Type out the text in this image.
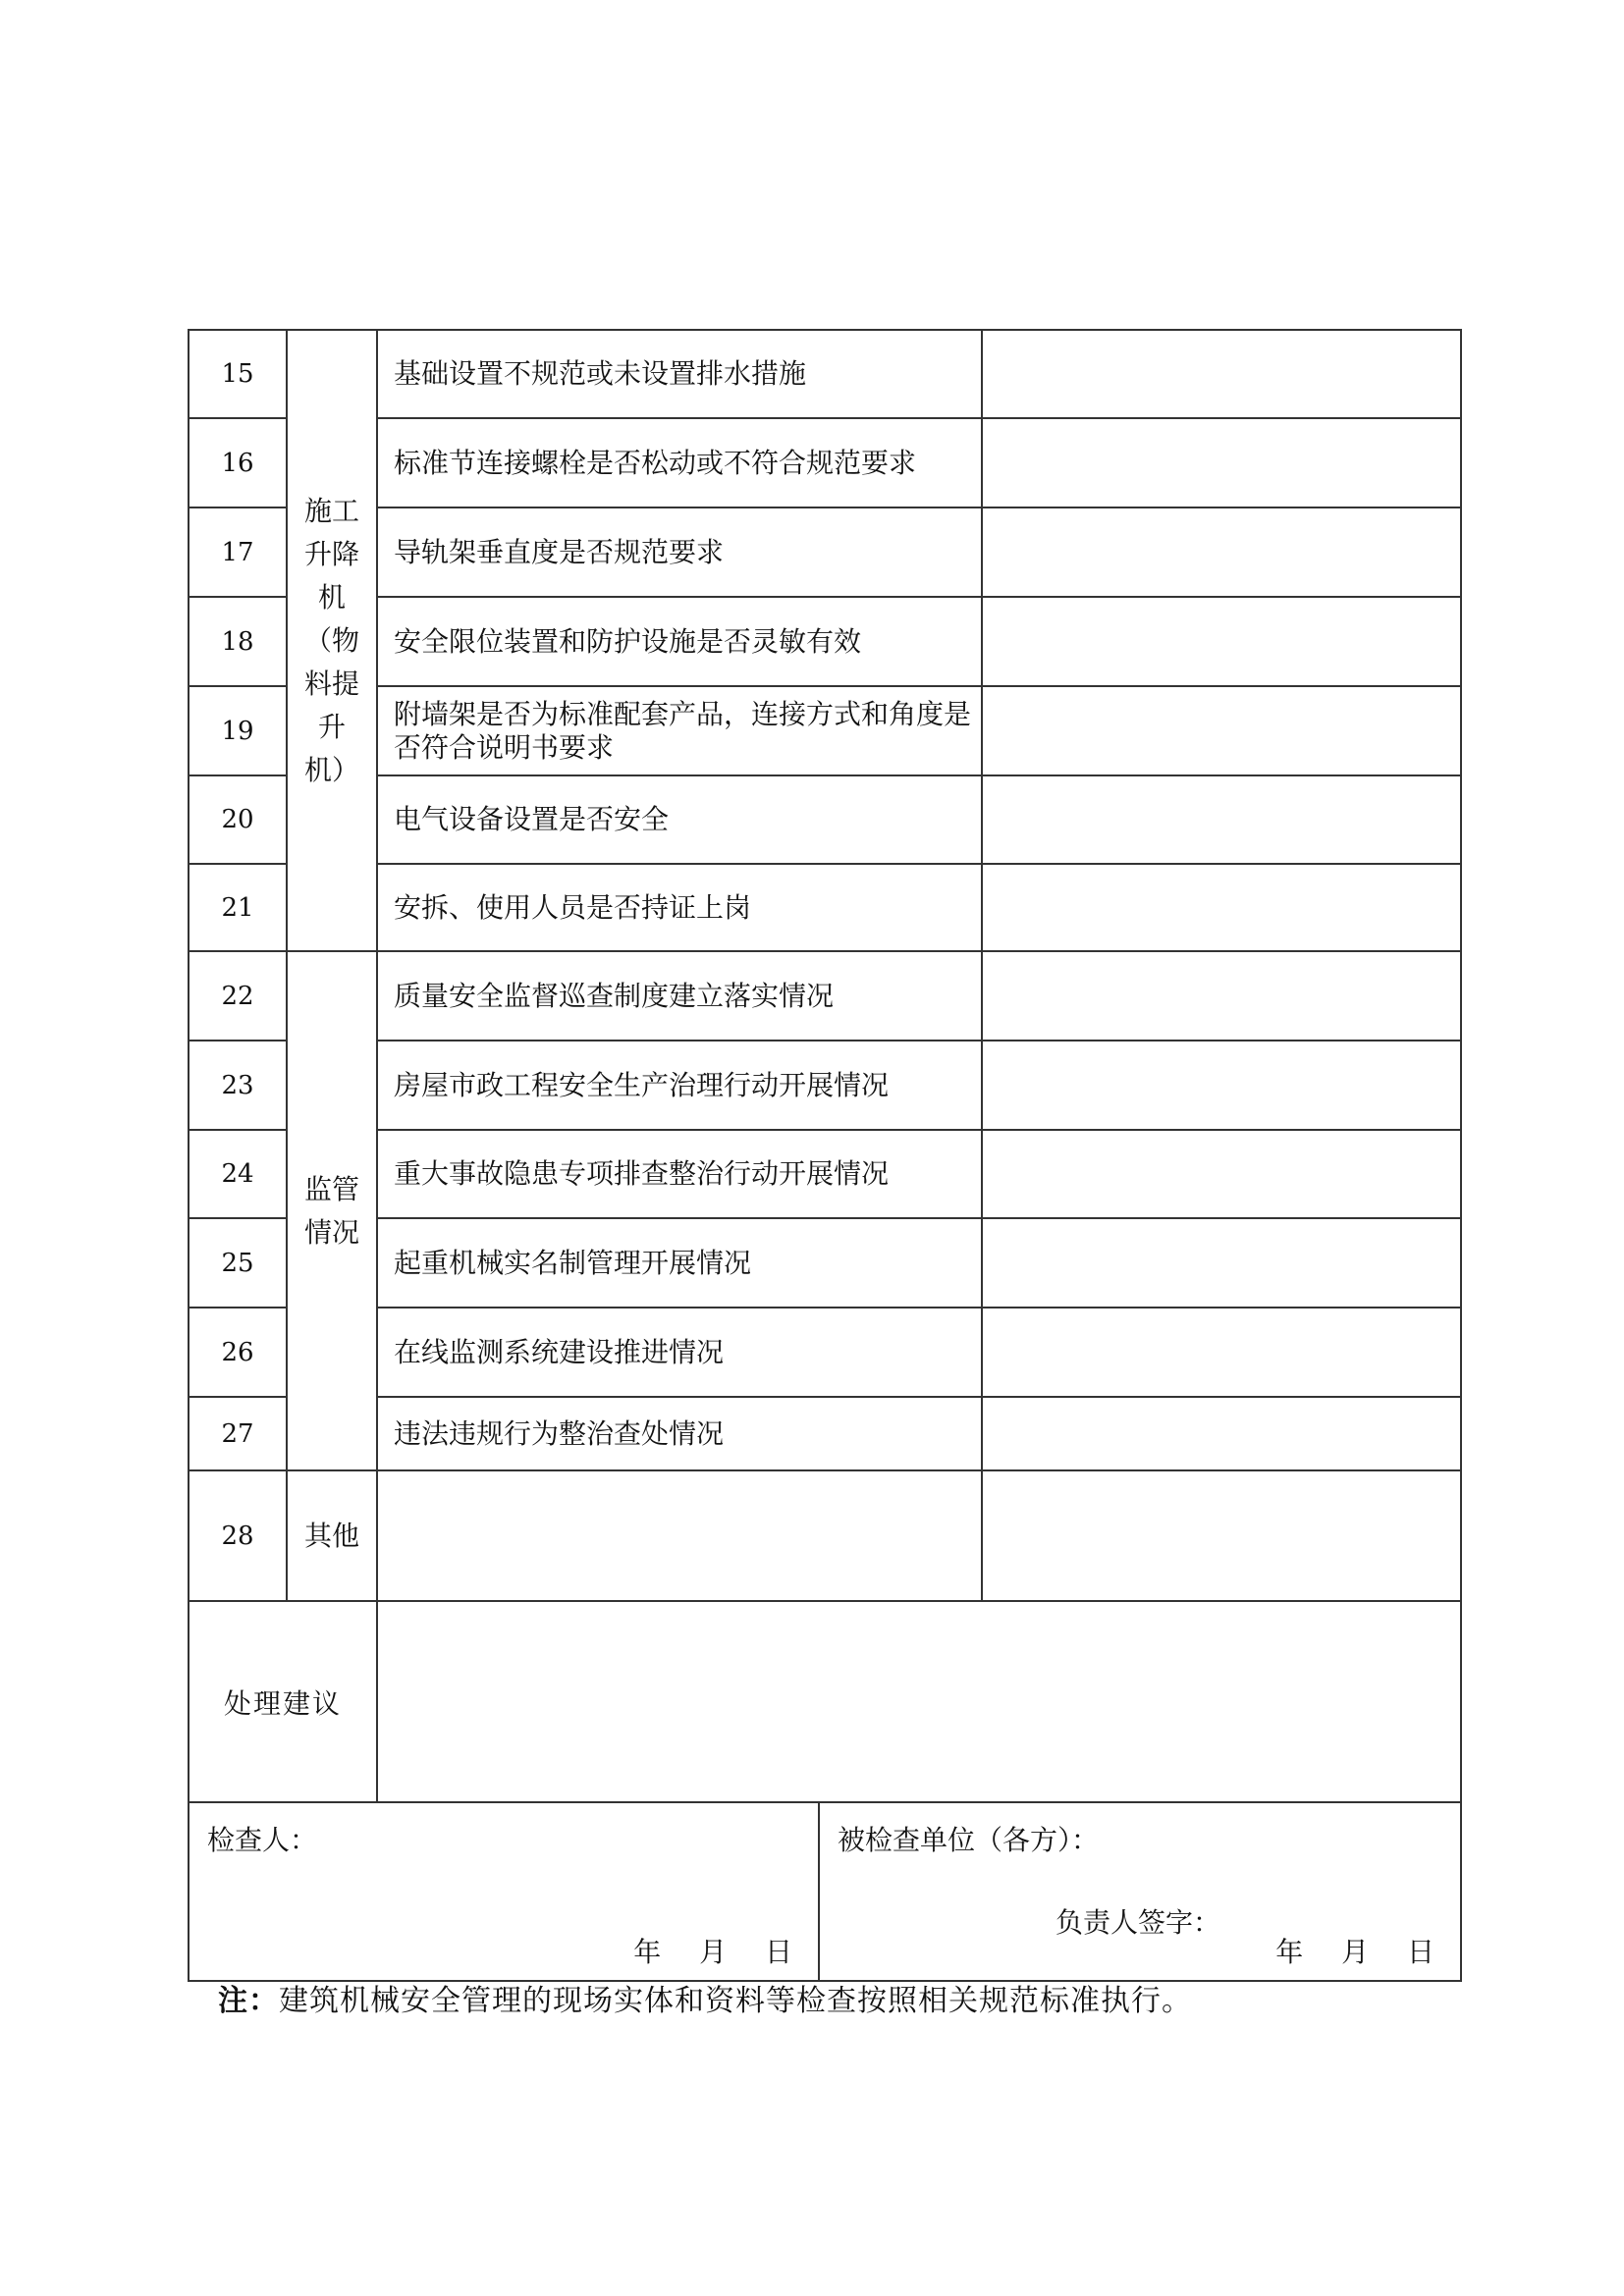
15	施工升降机（物料提升机）	基础设置不规范或未设置排水措施	
16		标准节连接螺栓是否松动或不符合规范要求	
17		导轨架垂直度是否规范要求	
18		安全限位装置和防护设施是否灵敏有效	
19		附墙架是否为标准配套产品，连接方式和角度是否符合说明书要求	
20		电气设备设置是否安全	
21		安拆、使用人员是否持证上岗	
22	监管情况	质量安全监督巡查制度建立落实情况	
23		房屋市政工程安全生产治理行动开展情况	
24		重大事故隐患专项排查整治行动开展情况	
25		起重机械实名制管理开展情况	
26		在线监测系统建设推进情况	
27		违法违规行为整治查处情况	
28	其他		
处理建议			
检查人：
年 月 日

被检查单位（各方）：
负责人签字：
年 月 日
注：建筑机械安全管理的现场实体和资料等检查按照相关规范标准执行。
